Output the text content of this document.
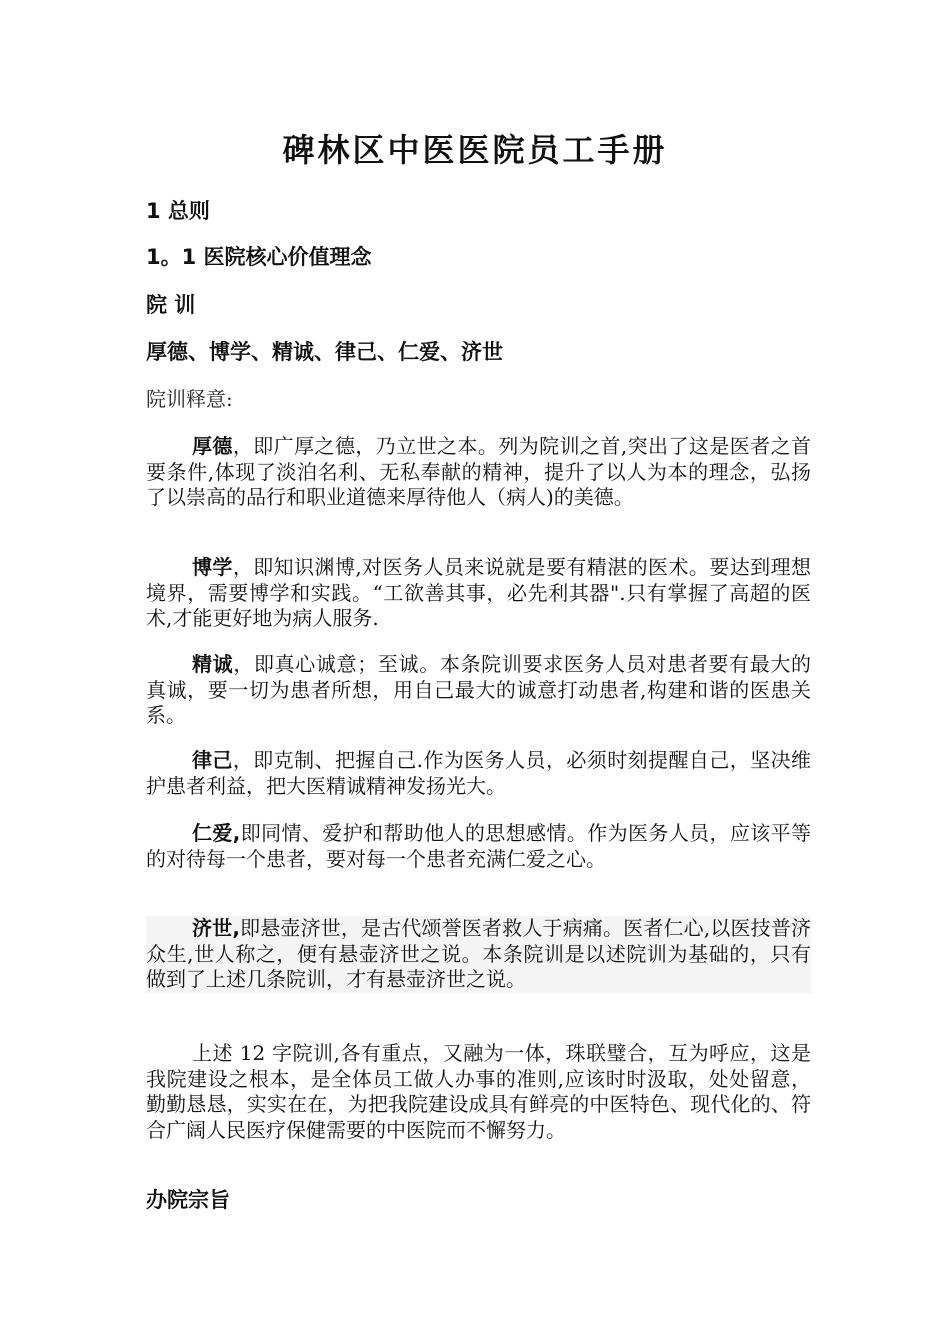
碑林区中医医院员工手册

1 总则

1。1 医院核心价值理念

院 训

厚德、博学、精诚、律己、仁爱、济世

院训释意:

厚德，即广厚之德，乃立世之本。列为院训之首,突出了这是医者之首要条件,体现了淡泊名利、无私奉献的精神，提升了以人为本的理念，弘扬了以崇高的品行和职业道德来厚待他人（病人)的美德。

博学，即知识渊博,对医务人员来说就是要有精湛的医术。要达到理想境界，需要博学和实践。“工欲善其事，必先利其器".只有掌握了高超的医术,才能更好地为病人服务.

精诚，即真心诚意；至诚。本条院训要求医务人员对患者要有最大的真诚，要一切为患者所想，用自己最大的诚意打动患者,构建和谐的医患关系。

律己，即克制、把握自己.作为医务人员，必须时刻提醒自己，坚决维护患者利益，把大医精诚精神发扬光大。

仁爱,即同情、爱护和帮助他人的思想感情。作为医务人员，应该平等的对待每一个患者，要对每一个患者充满仁爱之心。

济世,即悬壶济世，是古代颂誉医者救人于病痛。医者仁心,以医技普济众生,世人称之，便有悬壶济世之说。本条院训是以述院训为基础的，只有做到了上述几条院训，才有悬壶济世之说。

上述 12 字院训,各有重点，又融为一体，珠联璧合，互为呼应，这是我院建设之根本，是全体员工做人办事的准则,应该时时汲取，处处留意，勤勤恳恳，实实在在，为把我院建设成具有鲜亮的中医特色、现代化的、符合广阔人民医疗保健需要的中医院而不懈努力。

办院宗旨
